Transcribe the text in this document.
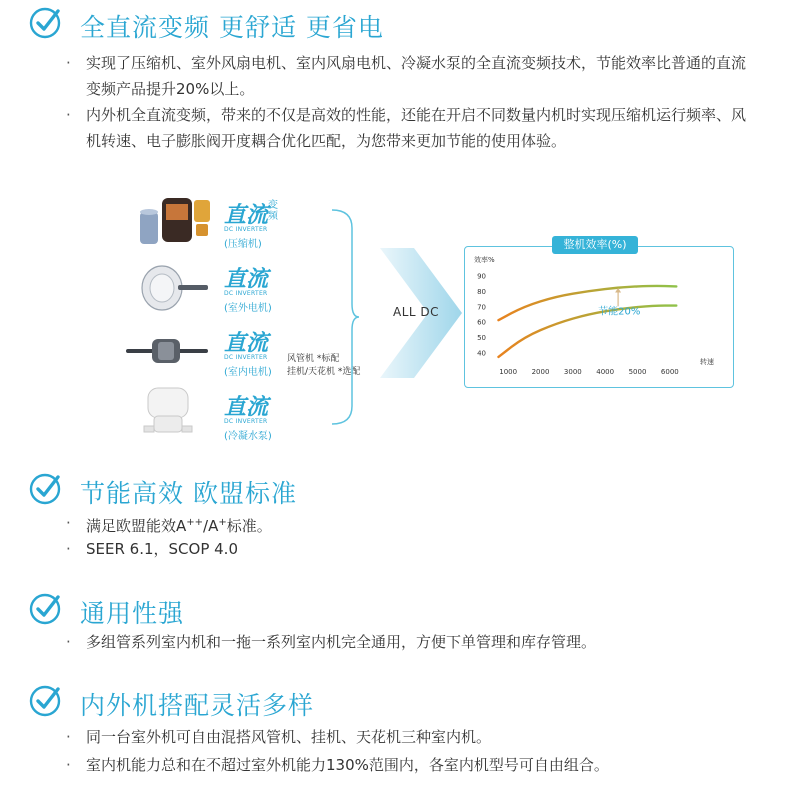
全直流变频 更舒适 更省电
·	实现了压缩机、室外风扇电机、室内风扇电机、冷凝水泵的全直流变频技术，节能效率比普通的直流变频产品提升20%以上。
·	内外机全直流变频，带来的不仅是高效的性能，还能在开启不同数量内机时实现压缩机运行频率、风机转速、电子膨胀阀开度耦合优化匹配，为您带来更加节能的使用体验。
直流 变
频
DC INVERTER
(压缩机)
直流
DC INVERTER
(室外电机)
直流
DC INVERTER
(室内电机)
直流
DC INVERTER
(冷凝水泵)
风管机 *标配
挂机/天花机 *选配
ALL DC
整机效率(%)
效率%
40
50
60
70
80
90
1000 2000 3000 4000 5000 6000
转速
节能20%
节能高效 欧盟标准
·	满足欧盟能效A++/A+标准。
·	SEER 6.1，SCOP 4.0
通用性强
·	多组管系列室内机和一拖一系列室内机完全通用，方便下单管理和库存管理。
内外机搭配灵活多样
·	同一台室外机可自由混搭风管机、挂机、天花机三种室内机。
·	室内机能力总和在不超过室外机能力130%范围内，各室内机型号可自由组合。
